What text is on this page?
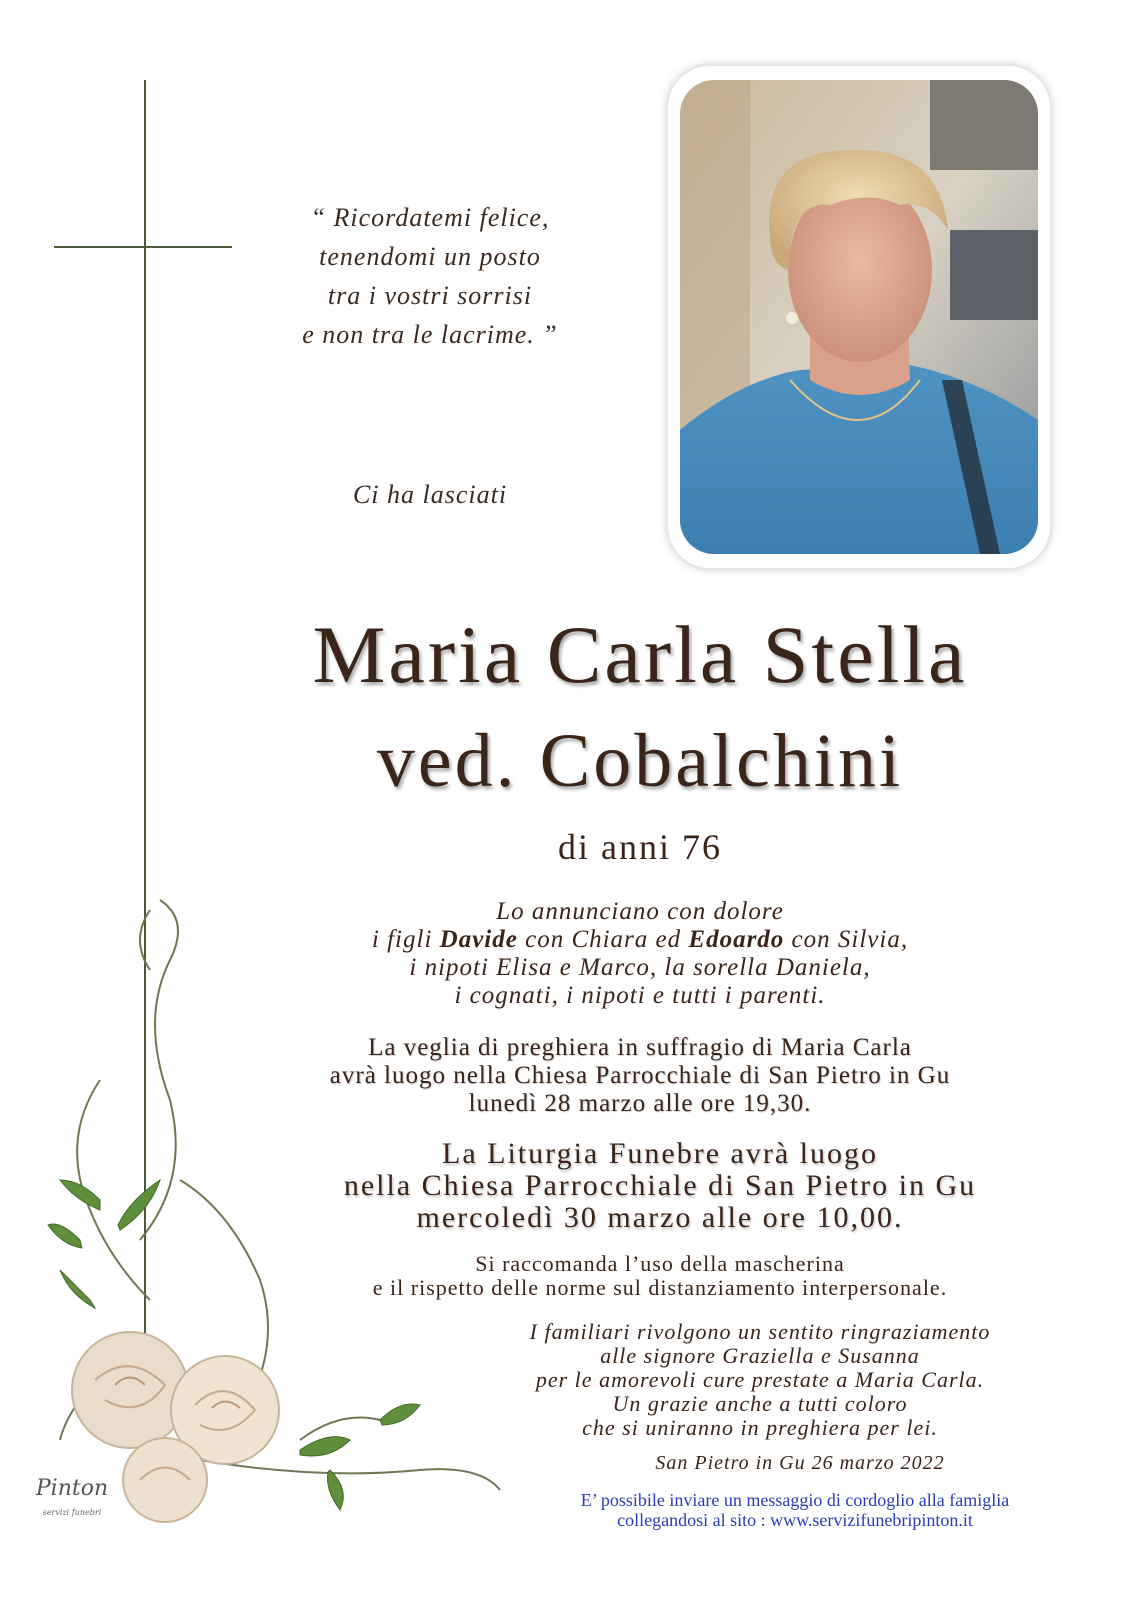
“ Ricordatemi felice,
tenendomi un posto
tra i vostri sorrisi
e non tra le lacrime. ”
Ci ha lasciati
Maria Carla Stella
ved. Cobalchini
di anni 76
Lo annunciano con dolore
i figli Davide con Chiara ed Edoardo con Silvia,
i nipoti Elisa e Marco, la sorella Daniela,
i cognati, i nipoti e tutti i parenti.
La veglia di preghiera in suffragio di Maria Carla
avrà luogo nella Chiesa Parrocchiale di San Pietro in Gu
lunedì 28 marzo alle ore 19,30.
La Liturgia Funebre avrà luogo
nella Chiesa Parrocchiale di San Pietro in Gu
mercoledì 30 marzo alle ore 10,00.
Si raccomanda l’uso della mascherina
e il rispetto delle norme sul distanziamento interpersonale.
I familiari rivolgono un sentito ringraziamento
alle signore Graziella e Susanna
per le amorevoli cure prestate a Maria Carla.
Un grazie anche a tutti coloro
che si uniranno in preghiera per lei.
San Pietro in Gu 26 marzo 2022
E’ possibile inviare un messaggio di cordoglio alla famiglia
collegandosi al sito : www.servizifunebripinton.it
Pinton
servizi funebri
